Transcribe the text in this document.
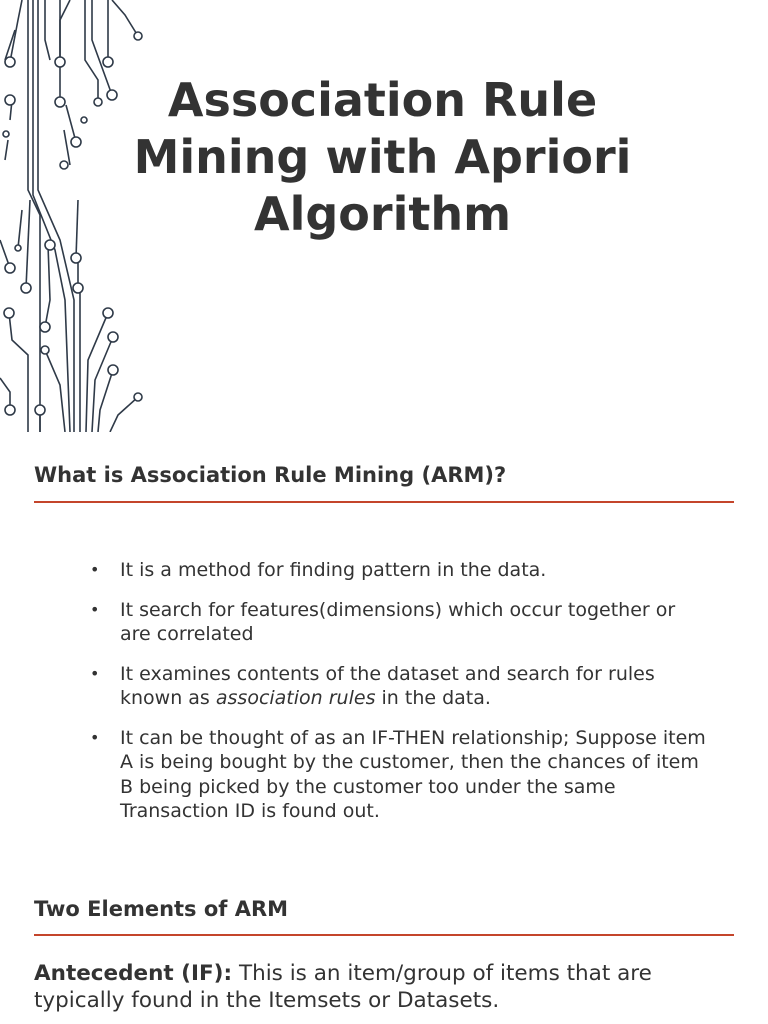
Association Rule
Mining with Apriori
Algorithm
What is Association Rule Mining (ARM)?
• It is a method for finding pattern in the data.
• It search for features(dimensions) which occur together or are correlated
• It examines contents of the dataset and search for rules known as association rules in the data.
• It can be thought of as an IF-THEN relationship; Suppose item A is being bought by the customer, then the chances of item B being picked by the customer too under the same Transaction ID is found out.
Two Elements of ARM

Antecedent (IF): This is an item/group of items that are typically found in the Itemsets or Datasets.
